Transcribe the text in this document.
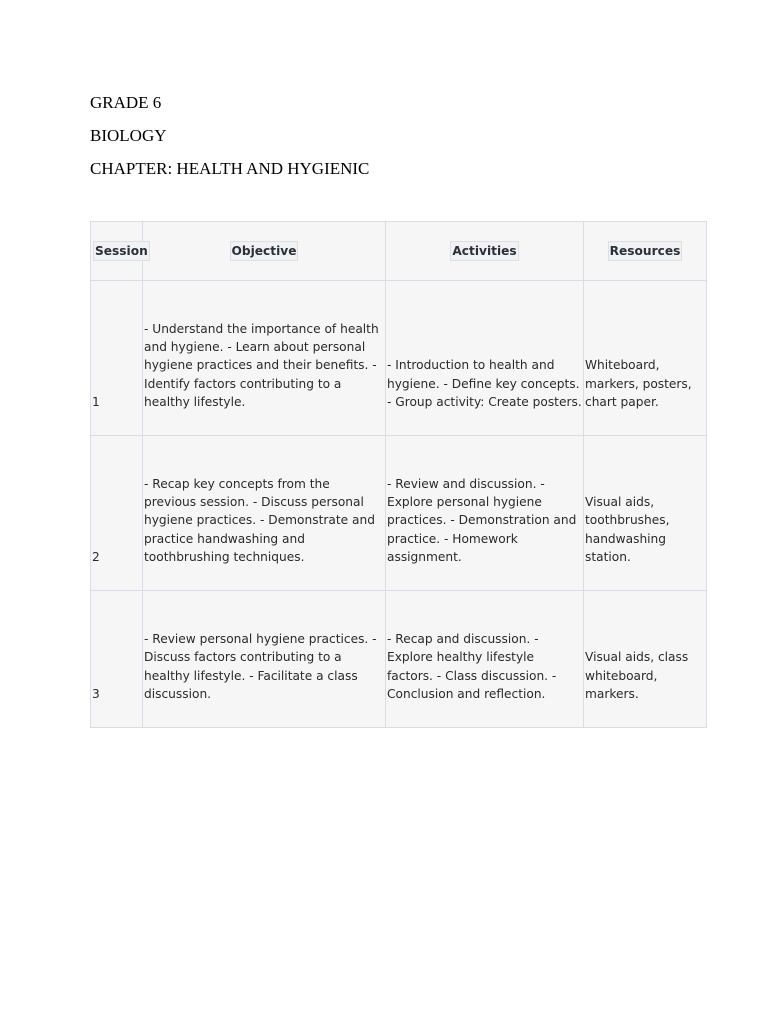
GRADE 6
BIOLOGY
CHAPTER: HEALTH AND HYGIENIC
Session	Objective	Activities	Resources
1	- Understand the importance of health and hygiene. - Learn about personal hygiene practices and their benefits. - Identify factors contributing to a healthy lifestyle.	- Introduction to health and hygiene. - Define key concepts. - Group activity: Create posters.	Whiteboard, markers, posters, chart paper.
2	- Recap key concepts from the previous session. - Discuss personal hygiene practices. - Demonstrate and practice handwashing and toothbrushing techniques.	- Review and discussion. - Explore personal hygiene practices. - Demonstration and practice. - Homework assignment.	Visual aids, toothbrushes, handwashing station.
3	- Review personal hygiene practices. - Discuss factors contributing to a healthy lifestyle. - Facilitate a class discussion.	- Recap and discussion. - Explore healthy lifestyle factors. - Class discussion. - Conclusion and reflection.	Visual aids, class whiteboard, markers.
